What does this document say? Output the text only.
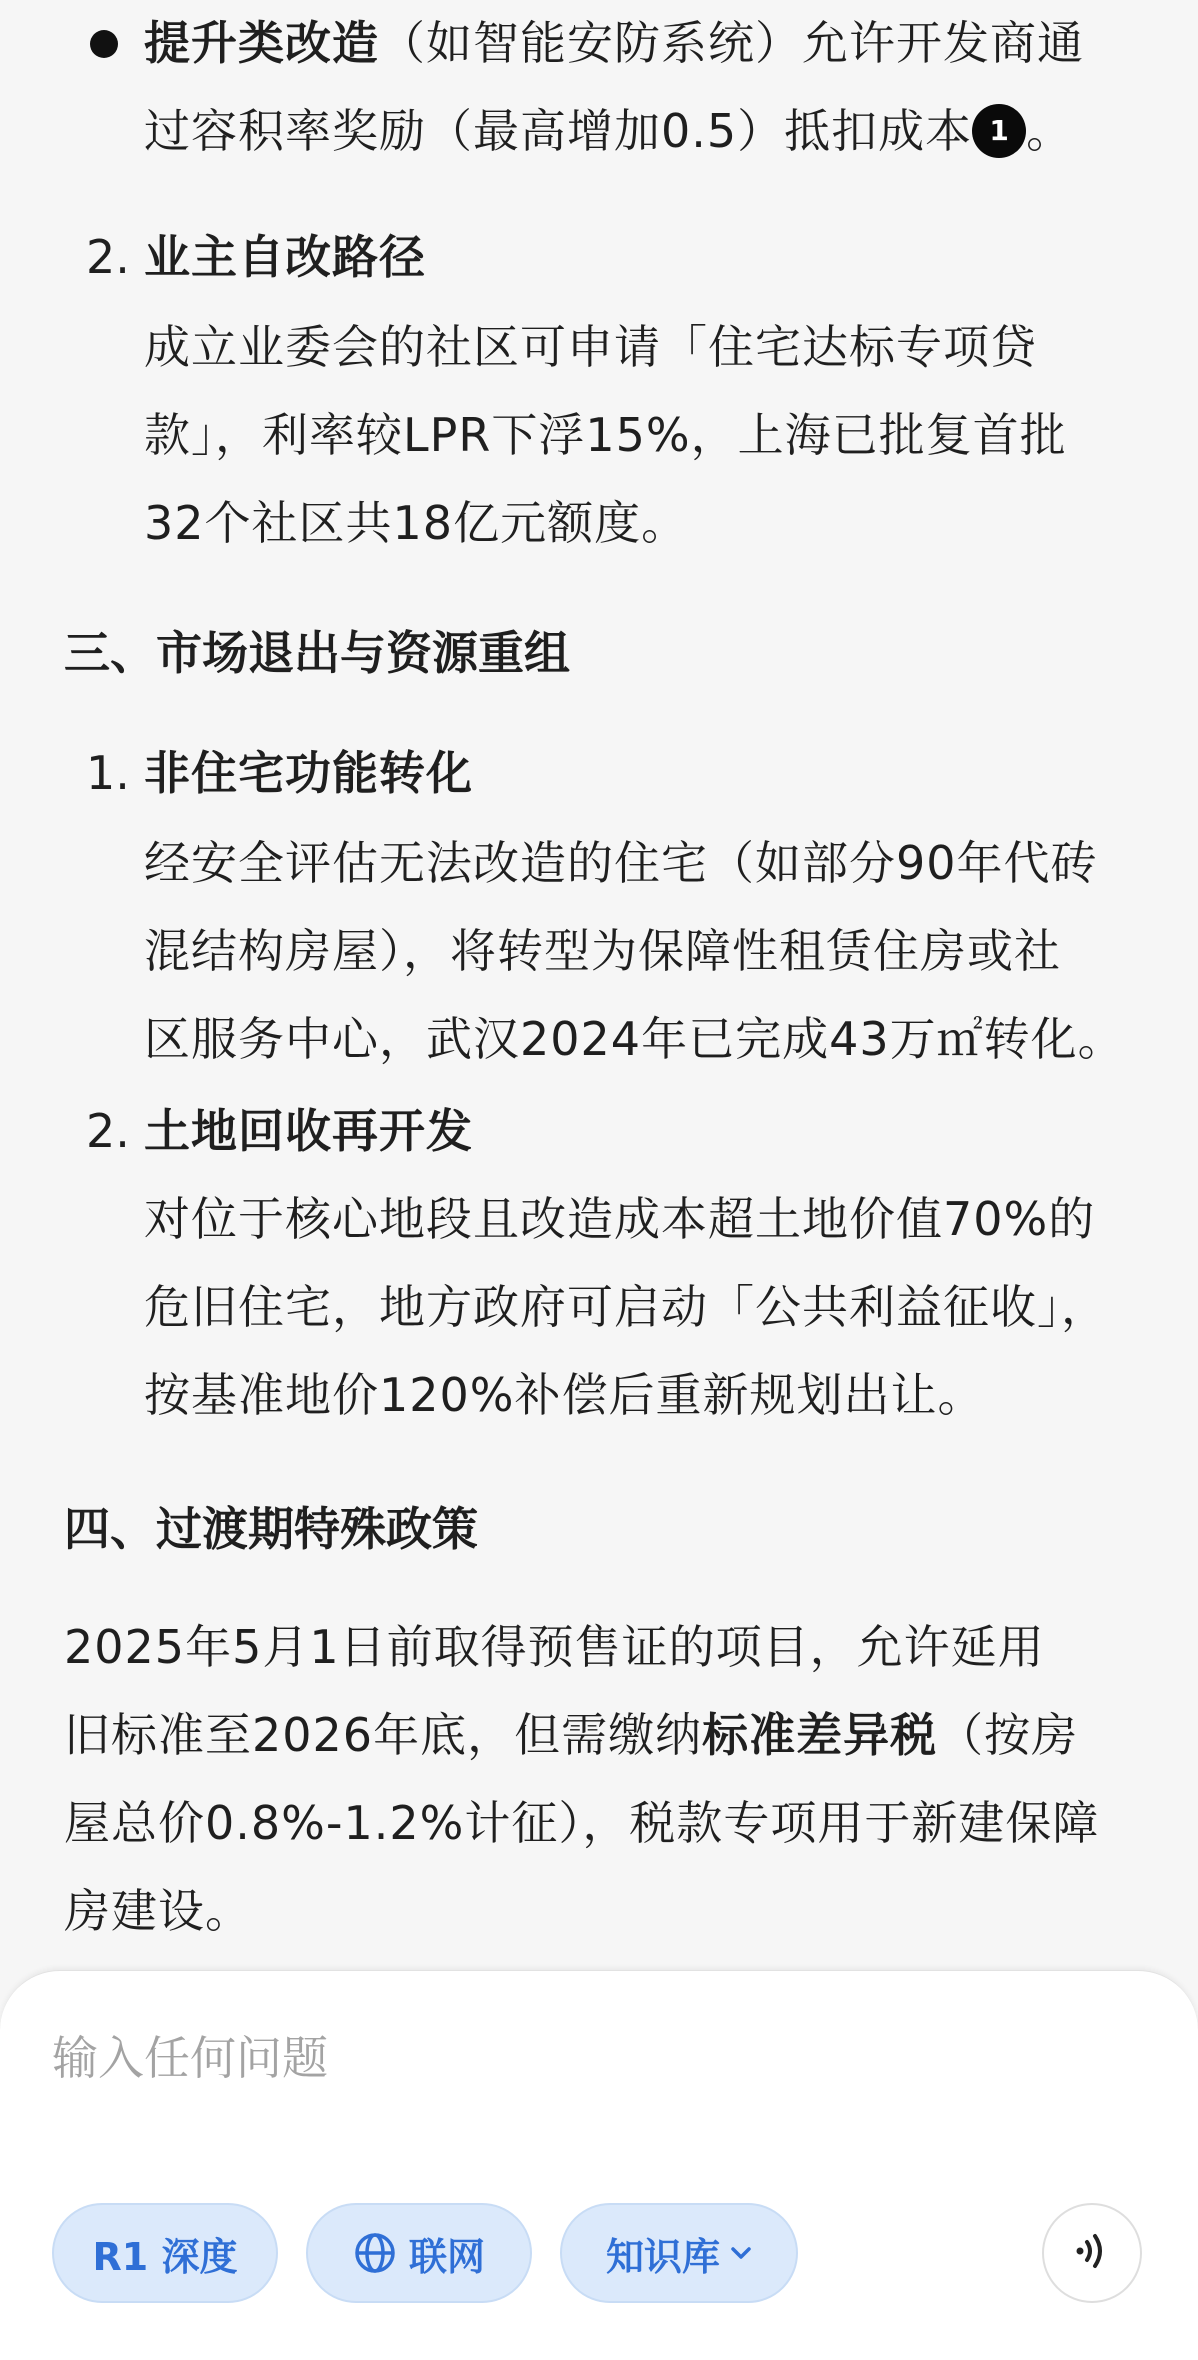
提升类改造（如智能安防系统）允许开发商通
过容积率奖励（最高增加0.5）抵扣成本 1 。
2. 业主自改路径
成立业委会的社区可申请「住宅达标专项贷
款」，利率较LPR下浮15%，上海已批复首批
32个社区共18亿元额度。
三、市场退出与资源重组
1. 非住宅功能转化
经安全评估无法改造的住宅（如部分90年代砖
混结构房屋），将转型为保障性租赁住房或社
区服务中心，武汉2024年已完成43万㎡转化。
2. 土地回收再开发
对位于核心地段且改造成本超土地价值70%的
危旧住宅，地方政府可启动「公共利益征收」，
按基准地价120%补偿后重新规划出让。
四、过渡期特殊政策
2025年5月1日前取得预售证的项目，允许延用
旧标准至2026年底，但需缴纳标准差异税（按房
屋总价0.8%-1.2%计征），税款专项用于新建保障
房建设。
输入任何问题
R1 深度	联网	知识库
